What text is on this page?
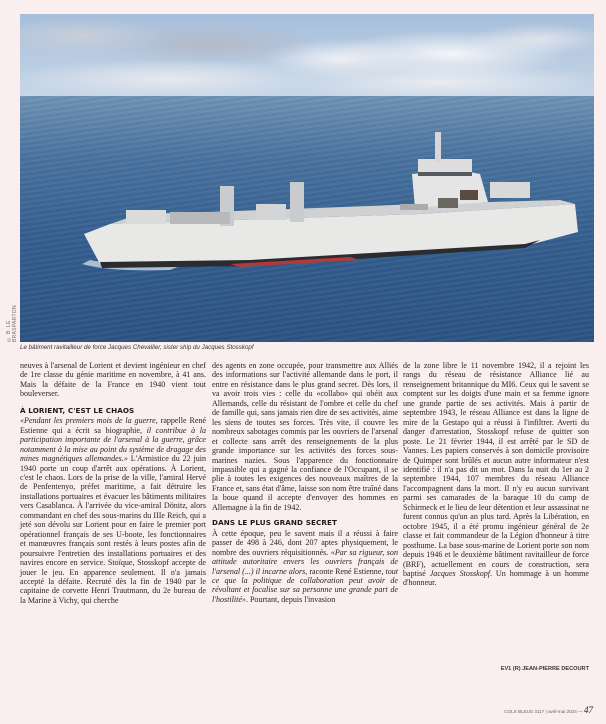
© B. LE BRASPARTON
Le bâtiment ravitailleur de force Jacques Chevallier, sister ship du Jacques Stosskopf

neuves à l'arsenal de Lorient et devient ingénieur en chef de 1re classe du génie maritime en novembre, à 41 ans. Mais la défaite de la France en 1940 vient tout bouleverser.

À LORIENT, C'EST LE CHAOS

«Pendant les premiers mois de la guerre, rappelle René Estienne qui a écrit sa biographie, il contribue à la participation importante de l'arsenal à la guerre, grâce notamment à la mise au point du système de dragage des mines magnétiques allemandes.» L'Armistice du 22 juin 1940 porte un coup d'arrêt aux opérations. À Lorient, c'est le chaos. Lors de la prise de la ville, l'amiral Hervé de Penfentenyo, préfet maritime, a fait détruire les installations portuaires et évacuer les bâtiments militaires vers Casablanca. À l'arrivée du vice-amiral Dönitz, alors commandant en chef des sous-marins du IIIe Reich, qui a jeté son dévolu sur Lorient pour en faire le premier port opérationnel français de ses U-boote, les fonctionnaires et manœuvres français sont restés à leurs postes afin de poursuivre l'entretien des installations portuaires et des navires encore en service. Stoïque, Stosskopf accepte de jouer le jeu. En apparence seulement. Il n'a jamais accepté la défaite. Recruté dès la fin de 1940 par le capitaine de corvette Henri Trautmann, du 2e bureau de la Marine à Vichy, qui cherche

des agents en zone occupée, pour transmettre aux Alliés des informations sur l'activité allemande dans le port, il entre en résistance dans le plus grand secret. Dès lors, il va avoir trois vies : celle du «collabo» qui obéit aux Allemands, celle du résistant de l'ombre et celle du chef de famille qui, sans jamais rien dire de ses activités, aime les siens de toutes ses forces. Très vite, il couvre les nombreux sabotages commis par les ouvriers de l'arsenal et collecte sans arrêt des renseignements de la plus grande importance sur les activités des forces sous-marines nazies. Sous l'apparence du fonctionnaire impassible qui a gagné la confiance de l'Occupant, il se plie à toutes les exigences des nouveaux maîtres de la France et, sans état d'âme, laisse son nom être traîné dans la boue quand il accepte d'envoyer des hommes en Allemagne à la fin de 1942.

DANS LE PLUS GRAND SECRET

À cette époque, peu le savent mais il a réussi à faire passer de 498 à 246, dont 207 aptes physiquement, le nombre des ouvriers réquisitionnés. «Par sa rigueur, son attitude autoritaire envers les ouvriers français de l'arsenal (...) il incarne alors, raconte René Estienne, tout ce que la politique de collaboration peut avoir de révoltant et focalise sur sa personne une grande part de l'hostilité». Pourtant, depuis l'invasion

de la zone libre le 11 novembre 1942, il a rejoint les rangs du réseau de résistance Alliance lié au renseignement britannique du MI6. Ceux qui le savent se comptent sur les doigts d'une main et sa femme ignore une grande partie de ses activités. Mais à partir de septembre 1943, le réseau Alliance est dans la ligne de mire de la Gestapo qui a réussi à l'infiltrer. Averti du danger d'arrestation, Stosskopf refuse de quitter son poste. Le 21 février 1944, il est arrêté par le SD de Vannes. Les papiers conservés à son domicile provisoire de Quimper sont brûlés et aucun autre informateur n'est identifié : il n'a pas dit un mot. Dans la nuit du 1er au 2 septembre 1944, 107 membres du réseau Alliance l'accompagnent dans la mort. Il n'y eu aucun survivant parmi ses camarades de la baraque 10 du camp de Schirmeck et le lieu de leur détention et leur assassinat ne furent connus qu'un an plus tard. Après la Libération, en octobre 1945, il a été promu ingénieur général de 2e classe et fait commandeur de la Légion d'honneur à titre posthume. La base sous-marine de Lorient porte son nom depuis 1946 et le deuxième bâtiment ravitailleur de force (BRF), actuellement en cours de construction, sera baptisé Jacques Stosskopf. Un hommage à un homme d'honneur.

EV1 (R) JEAN-PIERRE DECOURT
COLS BLEUS 3117 | avril-mai 2024 — 47
